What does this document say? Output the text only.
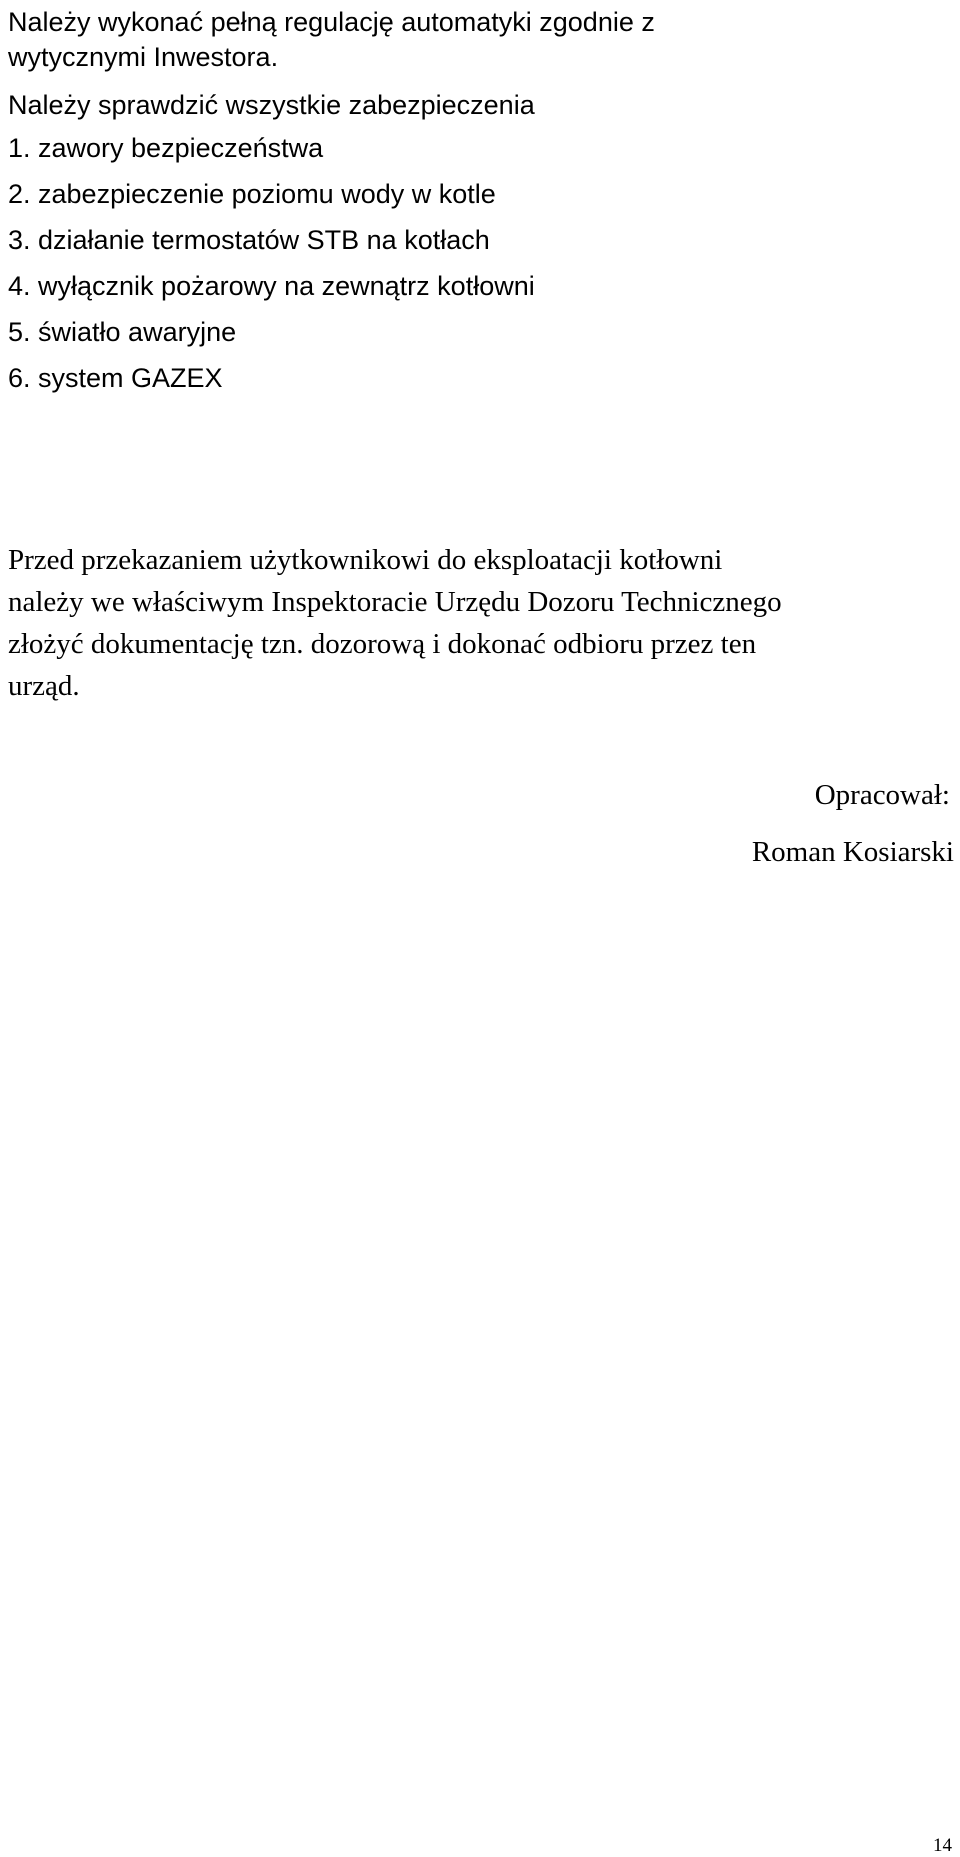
Należy wykonać pełną regulację automatyki zgodnie z
wytycznymi Inwestora.
Należy sprawdzić wszystkie zabezpieczenia
1. zawory bezpieczeństwa
2. zabezpieczenie poziomu wody w kotle
3. działanie termostatów STB na kotłach
4. wyłącznik pożarowy na zewnątrz kotłowni
5. światło awaryjne
6. system GAZEX
Przed przekazaniem użytkownikowi do eksploatacji kotłowni
należy we właściwym Inspektoracie Urzędu Dozoru Technicznego
złożyć dokumentację tzn. dozorową i dokonać odbioru przez ten
urząd.
Opracował:
Roman Kosiarski
14
